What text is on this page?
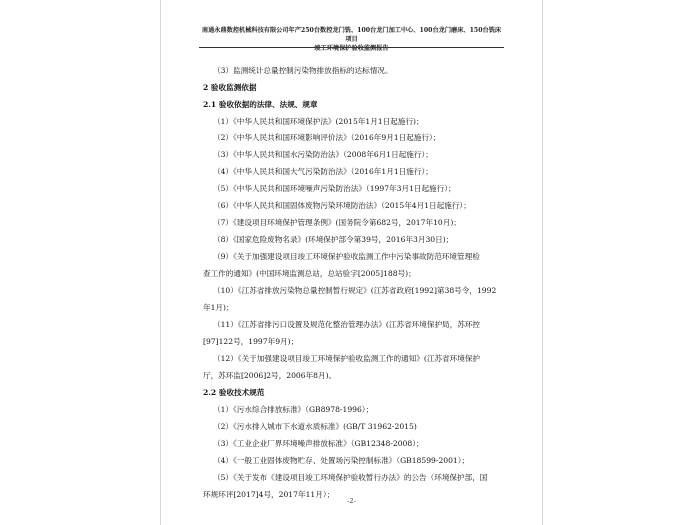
南通永鼎数控机械科技有限公司年产250台数控龙门铣、100台龙门加工中心、100台龙门磨床、150台铣床项目
竣工环境保护验收监测报告
（3）监测统计总量控制污染物排放指标的达标情况。
2 验收监测依据
2.1 验收依据的法律、法规、规章
（1）《中华人民共和国环境保护法》(2015年1月1日起施行)；
（2）《中华人民共和国环境影响评价法》（2016年9月1日起施行）；
（3）《中华人民共和国水污染防治法》（2008年6月1日起施行）；
（4）《中华人民共和国大气污染防治法》（2016年1月1日施行）；
（5）《中华人民共和国环境噪声污染防治法》（1997年3月1日起施行）；
（6）《中华人民共和国固体废物污染环境防治法》（2015年4月1日起施行）；
（7）《建设项目环境保护管理条例》(国务院令第682号，2017年10月)；
（8）《国家危险废物名录》(环境保护部令第39号，2016年3月30日)；
（9）《关于加强建设项目竣工环境保护验收监测工作中污染事故防范环境管理检
查工作的通知》(中国环境监测总站，总站验字[2005]188号)；
（10）《江苏省排放污染物总量控制暂行规定》(江苏省政府[1992]第38号令，1992
年1月)；
（11）《江苏省排污口设置及规范化整治管理办法》(江苏省环境保护局，苏环控
[97]122号，1997年9月)；
（12）《关于加强建设项目竣工环境保护验收监测工作的通知》(江苏省环境保护
厅，苏环监[2006]2号，2006年8月)。
2.2 验收技术规范
（1）《污水综合排放标准》（GB8978-1996）；
（2）《污水排入城市下水道水质标准》(GB/T 31962-2015)
（3）《工业企业厂界环境噪声排放标准》（GB12348-2008）；
（4）《一般工业固体废物贮存、处置场污染控制标准》（GB18599-2001）；
（5）《关于发布《建设项目竣工环境保护验收暂行办法》的公告（环境保护部，国
环规环评[2017]4号，2017年11月）；
-2-
